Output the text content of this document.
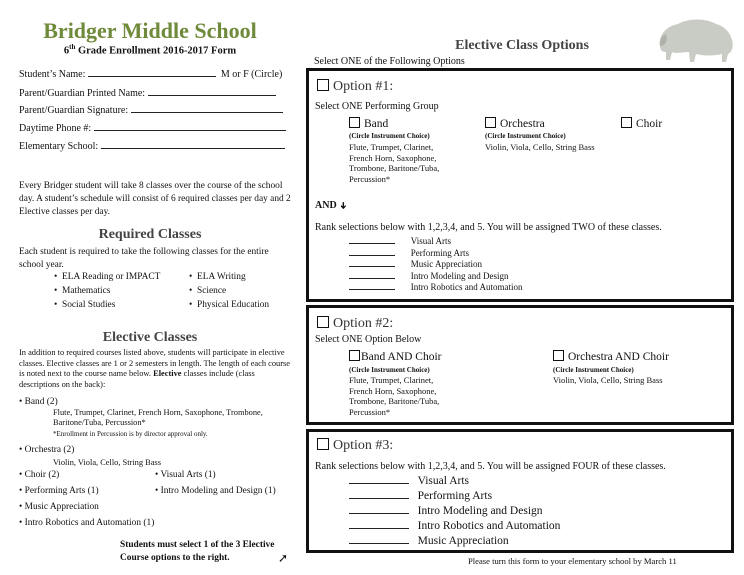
Bridger Middle School
6th Grade Enrollment 2016-2017 Form
Student’s Name:	M or F (Circle)
Parent/Guardian Printed Name:
Parent/Guardian Signature:
Daytime Phone #:
Elementary School:
Every Bridger student will take 8 classes over the course of the school day. A student’s schedule will consist of 6 required classes per day and 2 Elective classes per day.
Required Classes
Each student is required to take the following classes for the entire school year.
•  ELA Reading or IMPACT	•  ELA Writing
•  Mathematics	•  Science
•  Social Studies	•  Physical Education
Elective Classes
In addition to required courses listed above, students will participate in elective classes. Elective classes are 1 or 2 semesters in length. The length of each course is noted next to the course name below. Elective classes include (class descriptions on the back):
• Band (2)
Flute, Trumpet, Clarinet, French Horn, Saxophone, Trombone, Baritone/Tuba, Percussion*
*Enrollment in Percussion is by director approval only.
• Orchestra (2)
Violin, Viola, Cello, String Bass
• Choir (2)	• Visual Arts (1)
• Performing Arts (1)	• Intro Modeling and Design (1)
• Music Appreciation
• Intro Robotics and Automation (1)
Students must select 1 of the 3 Elective
Course options to the right.	➚
Elective Class Options
Select ONE of the Following Options
Option #1:
Select ONE Performing Group
Band
(Circle Instrument Choice)
Flute, Trumpet, Clarinet,
French Horn, Saxophone,
Trombone, Baritone/Tuba,
Percussion*
Orchestra
(Circle Instrument Choice)
Violin, Viola, Cello, String Bass
Choir
AND ➔
Rank selections below with 1,2,3,4, and 5. You will be assigned TWO of these classes.
Visual Arts
Performing Arts
Music Appreciation
Intro Modeling and Design
Intro Robotics and Automation
Option #2:
Select ONE Option Below
Band AND Choir
(Circle Instrument Choice)
Flute, Trumpet, Clarinet,
French Horn, Saxophone,
Trombone, Baritone/Tuba,
Percussion*
Orchestra AND Choir
(Circle Instrument Choice)
Violin, Viola, Cello, String Bass
Option #3:
Rank selections below with 1,2,3,4, and 5. You will be assigned FOUR of these classes.
Visual Arts
Performing Arts
Intro Modeling and Design
Intro Robotics and Automation
Music Appreciation
Please turn this form to your elementary school by March 11
